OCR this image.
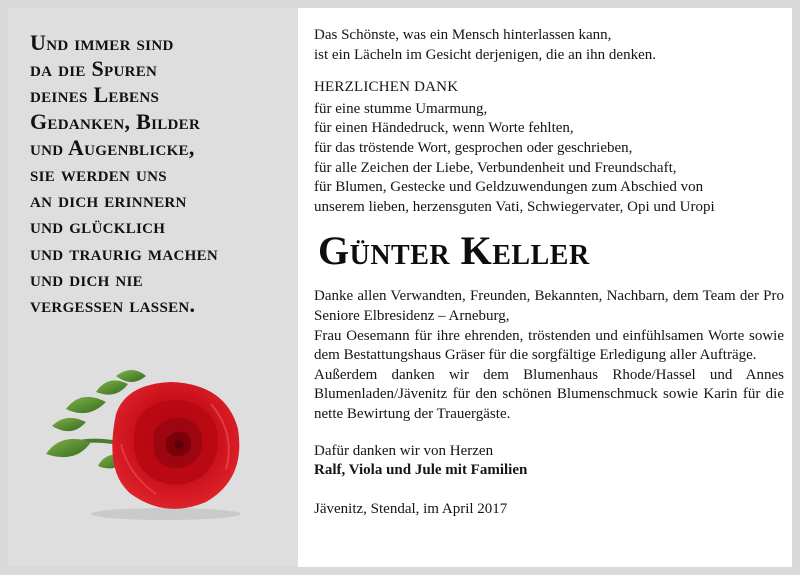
Und immer sind
da die Spuren
deines Lebens
Gedanken, Bilder
und Augenblicke,
sie werden uns
an dich erinnern
und glücklich
und traurig machen
und dich nie
vergessen lassen.
Das Schönste, was ein Mensch hinterlassen kann,
ist ein Lächeln im Gesicht derjenigen, die an ihn denken.
HERZLICHEN DANK
für eine stumme Umarmung,
für einen Händedruck, wenn Worte fehlten,
für das tröstende Wort, gesprochen oder geschrieben,
für alle Zeichen der Liebe, Verbundenheit und Freundschaft,
für Blumen, Gestecke und Geldzuwendungen zum Abschied von
unserem lieben, herzensguten Vati, Schwiegervater, Opi und Uropi
Günter Keller
Danke allen Verwandten, Freunden, Bekannten, Nachbarn, dem Team der Pro Seniore Elbresidenz – Arneburg,
Frau Oesemann für ihre ehrenden, tröstenden und einfühlsamen Worte sowie dem Bestattungshaus Gräser für die sorgfältige Erledigung aller Aufträge.
Außerdem danken wir dem Blumenhaus Rhode/Hassel und Annes Blumenladen/Jävenitz für den schönen Blumenschmuck sowie Karin für die nette Bewirtung der Trauergäste.
Dafür danken wir von Herzen
Ralf, Viola und Jule mit Familien
Jävenitz, Stendal, im April 2017
